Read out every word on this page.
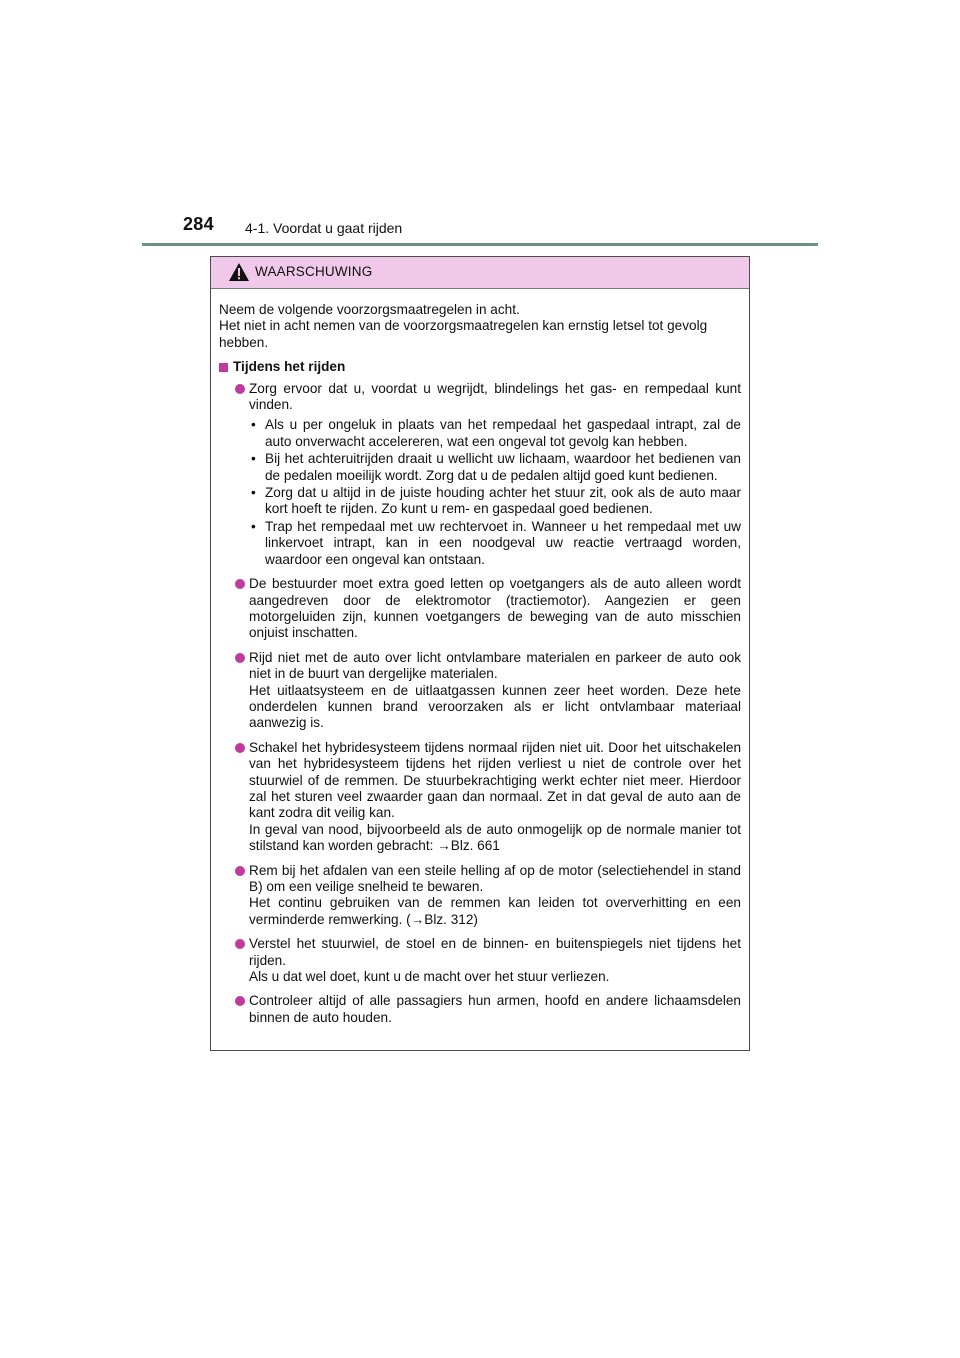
284 4-1. Voordat u gaat rijden
WAARSCHUWING

Neem de volgende voorzorgsmaatregelen in acht.

Het niet in acht nemen van de voorzorgsmaatregelen kan ernstig letsel tot gevolg hebben.

Tijdens het rijden
Zorg ervoor dat u, voordat u wegrijdt, blindelings het gas- en rempedaal kunt vinden.
• Als u per ongeluk in plaats van het rempedaal het gaspedaal intrapt, zal de auto onverwacht accelereren, wat een ongeval tot gevolg kan hebben.
• Bij het achteruitrijden draait u wellicht uw lichaam, waardoor het bedienen van de pedalen moeilijk wordt. Zorg dat u de pedalen altijd goed kunt bedienen.
• Zorg dat u altijd in de juiste houding achter het stuur zit, ook als de auto maar kort hoeft te rijden. Zo kunt u rem- en gaspedaal goed bedienen.
• Trap het rempedaal met uw rechtervoet in. Wanneer u het rempedaal met uw linkervoet intrapt, kan in een noodgeval uw reactie vertraagd worden, waardoor een ongeval kan ontstaan.
De bestuurder moet extra goed letten op voetgangers als de auto alleen wordt aangedreven door de elektromotor (tractiemotor). Aangezien er geen motorgeluiden zijn, kunnen voetgangers de beweging van de auto misschien onjuist inschatten.
Rijd niet met de auto over licht ontvlambare materialen en parkeer de auto ook niet in de buurt van dergelijke materialen.
Het uitlaatsysteem en de uitlaatgassen kunnen zeer heet worden. Deze hete onderdelen kunnen brand veroorzaken als er licht ontvlambaar materiaal aanwezig is.
Schakel het hybridesysteem tijdens normaal rijden niet uit. Door het uitschakelen van het hybridesysteem tijdens het rijden verliest u niet de controle over het stuurwiel of de remmen. De stuurbekrachtiging werkt echter niet meer. Hierdoor zal het sturen veel zwaarder gaan dan normaal. Zet in dat geval de auto aan de kant zodra dit veilig kan.
In geval van nood, bijvoorbeeld als de auto onmogelijk op de normale manier tot stilstand kan worden gebracht: →Blz. 661
Rem bij het afdalen van een steile helling af op de motor (selectiehendel in stand B) om een veilige snelheid te bewaren.
Het continu gebruiken van de remmen kan leiden tot oververhitting en een verminderde remwerking. (→Blz. 312)
Verstel het stuurwiel, de stoel en de binnen- en buitenspiegels niet tijdens het rijden.
Als u dat wel doet, kunt u de macht over het stuur verliezen.
Controleer altijd of alle passagiers hun armen, hoofd en andere lichaamsdelen binnen de auto houden.
